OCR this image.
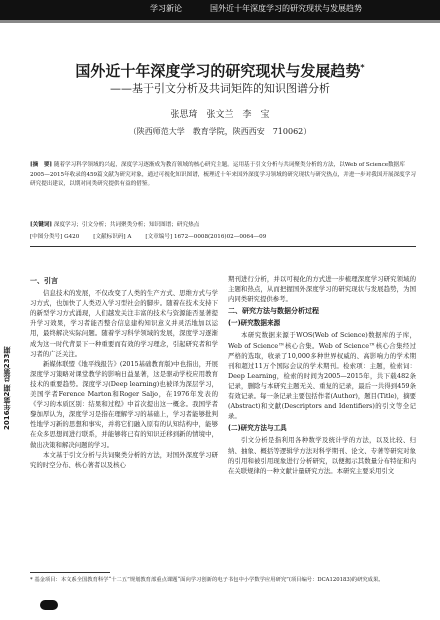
学习新论	国外近十年深度学习的研究现状与发展趋势
国外近十年深度学习的研究现状与发展趋势*
——基于引文分析及共词矩阵的知识图谱分析
张思琦　张文兰　李　宝
（陕西师范大学　教育学院，陕西西安　710062）

[摘　要] 随着学习科学领域的兴起，深度学习逐渐成为教育领域的核心研究主题。运用基于引文分析与共词聚类分析的方法，以Web of Science数据库2005—2015年收录的459篇文献为研究对象，通过可视化知识图谱，梳理近十年来国外深度学习领域的研究现状与研究热点，并进一步对我国开展深度学习研究提出建议，以期对同类研究提供有益的借鉴。

[关键词] 深度学习；引文分析；共词聚类分析；知识图谱；研究热点
[中图分类号] G420	[文献标识码] A	[文章编号] 1672—0008(2016)02—0064—09
2016年第2期 总第233期

一、引言

信息技术的发展，不仅改变了人类的生产方式、思维方式与学习方式，也加快了人类迈入学习型社会的脚步。随着在技术支持下的新型学习方式涌现，人们越发关注丰富的技术与资源能否显著提升学习效果，学习者能否整合信息建构知识意义并灵活地加以运用，最终解决实际问题。随着学习科学领域的发展，深度学习逐渐成为这一时代背景下一种重要而有效的学习理念，引起研究者和学习者的广泛关注。

新媒体联盟《地平线报告》(2015基础教育版)中也指出，开展深度学习策略对课堂教学的影响日益显著，这是驱动学校应用教育技术的重要趋势。深度学习(Deep learning)也被译为深层学习，美国学者Ference Marton和Roger Saljo，在1976年发表的《学习的本质区别：结果和过程》中首次提出这一概念。我国学者黎加厚认为，深度学习是指在理解学习的基础上，学习者能够批判性地学习新的思想和事实，并将它们融入原有的认知结构中，能够在众多思想间进行联系，并能够将已有的知识迁移到新的情境中，做出决策和解决问题的学习。

本文基于引文分析与共词聚类分析的方法，对国外深度学习研究的时空分布、核心著者以及核心

期刊进行分析，并以可视化的方式进一步梳理深度学习研究领域的主题和热点，从而把握国外深度学习的研究现状与发展趋势，为国内同类研究提供参考。

二、研究方法与数据分析过程

(一)研究数据来源

本研究数据来源于WOS(Web of Science)数据库的子库，Web of Science™核心合集。Web of Science™核心合集经过严格的选取，收录了10,000多种世界权威的、高影响力的学术期刊和超过11万个国际会议的学术期刊。检索项：主题，检索词：Deep Learning，检索的时间为2005—2015年，共下载482条记录，删除与本研究主题无关、重复的记录，最后一共得到459条有效记录。每一条记录主要包括作者(Author)，题目(Title)，摘要(Abstract)和文献(Descriptors and Identifiers)的引文等全记录。

(二)研究方法与工具

引文分析是指利用各种数学及统计学的方法，以及比较、归纳、抽象、概括等逻辑学方法对科学期刊、论文、专著等研究对象的引用和被引用现象进行分析研究，以便揭示其数量分布特征和内在关联规律的一种文献计量研究方法。本研究主要采用引文

* 基金项目：本文系全国教育科学“十二五”规划教育部重点课题“面向学习创新的电子书包中小学数学应用研究”(项目编号：DCA120183)的研究成果。
